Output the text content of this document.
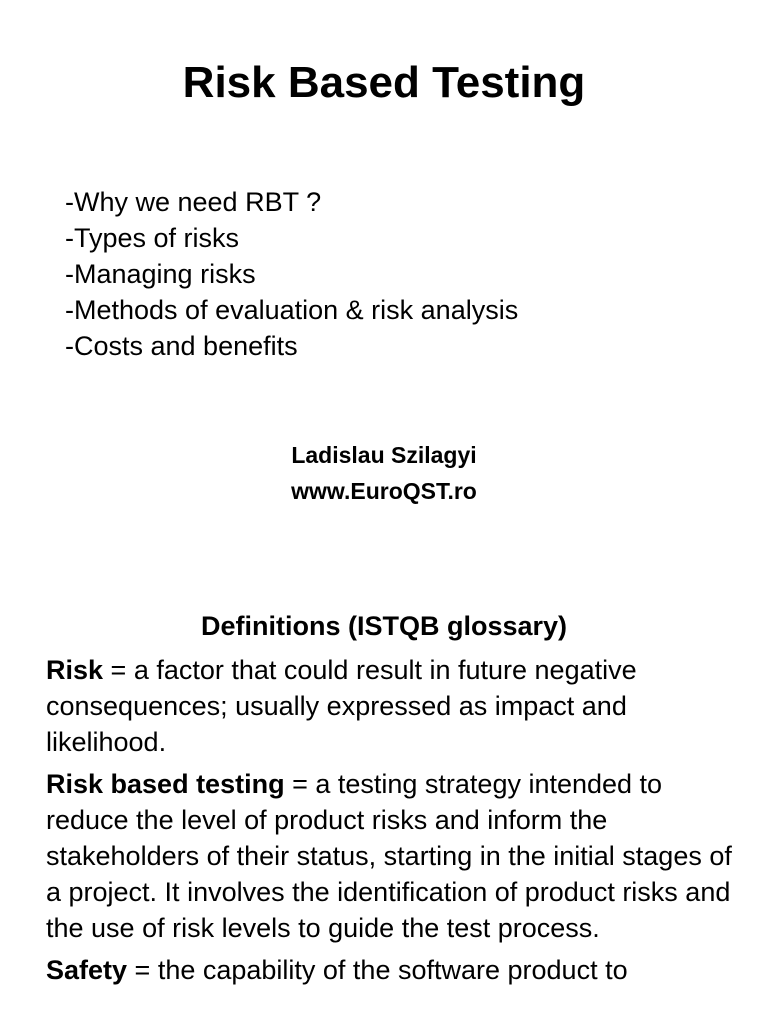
Risk Based Testing
-Why we need RBT ?
-Types of risks
-Managing risks
-Methods of evaluation & risk analysis
-Costs and benefits
Ladislau Szilagyi
www.EuroQST.ro
Definitions (ISTQB glossary)

Risk = a factor that could result in future negative consequences; usually expressed as impact and likelihood.

Risk based testing = a testing strategy intended to reduce the level of product risks and inform the stakeholders of their status, starting in the initial stages of a project. It involves the identification of product risks and the use of risk levels to guide the test process.

Safety = the capability of the software product to
